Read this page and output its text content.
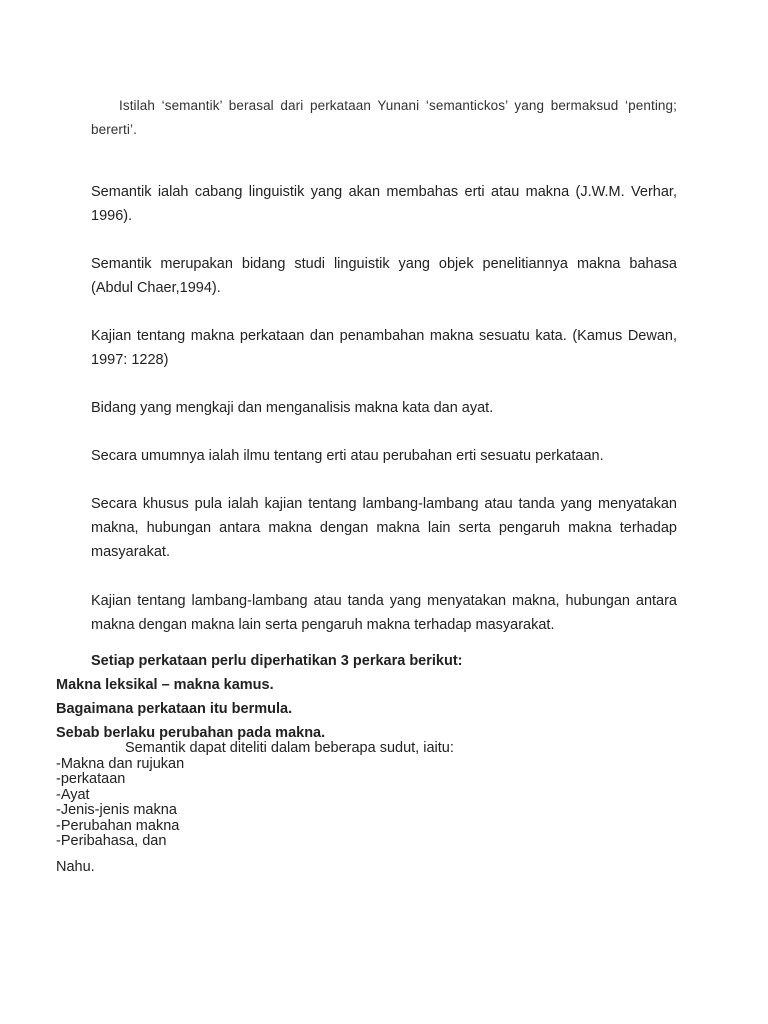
Istilah ‘semantik’ berasal dari perkataan Yunani ‘semantickos’ yang bermaksud ‘penting; bererti’.

Semantik ialah cabang linguistik yang akan membahas erti atau makna (J.W.M. Verhar, 1996).

Semantik merupakan bidang studi linguistik yang objek penelitiannya makna bahasa (Abdul Chaer,1994).

Kajian tentang makna perkataan dan penambahan makna sesuatu kata. (Kamus Dewan, 1997: 1228)

Bidang yang mengkaji dan menganalisis makna kata dan ayat.

Secara umumnya ialah ilmu tentang erti atau perubahan erti sesuatu perkataan.

Secara khusus pula ialah kajian tentang lambang-lambang atau tanda yang menyatakan makna, hubungan antara makna dengan makna lain serta pengaruh makna terhadap masyarakat.

Kajian tentang lambang-lambang atau tanda yang menyatakan makna, hubungan antara makna dengan makna lain serta pengaruh makna terhadap masyarakat.

Setiap perkataan perlu diperhatikan 3 perkara berikut:

Makna leksikal – makna kamus.

Bagaimana perkataan itu bermula.

Sebab berlaku perubahan pada makna.

Semantik dapat diteliti dalam beberapa sudut, iaitu:
-Makna dan rujukan
-perkataan
-Ayat
-Jenis-jenis makna
-Perubahan makna
-Peribahasa, dan

Nahu.
